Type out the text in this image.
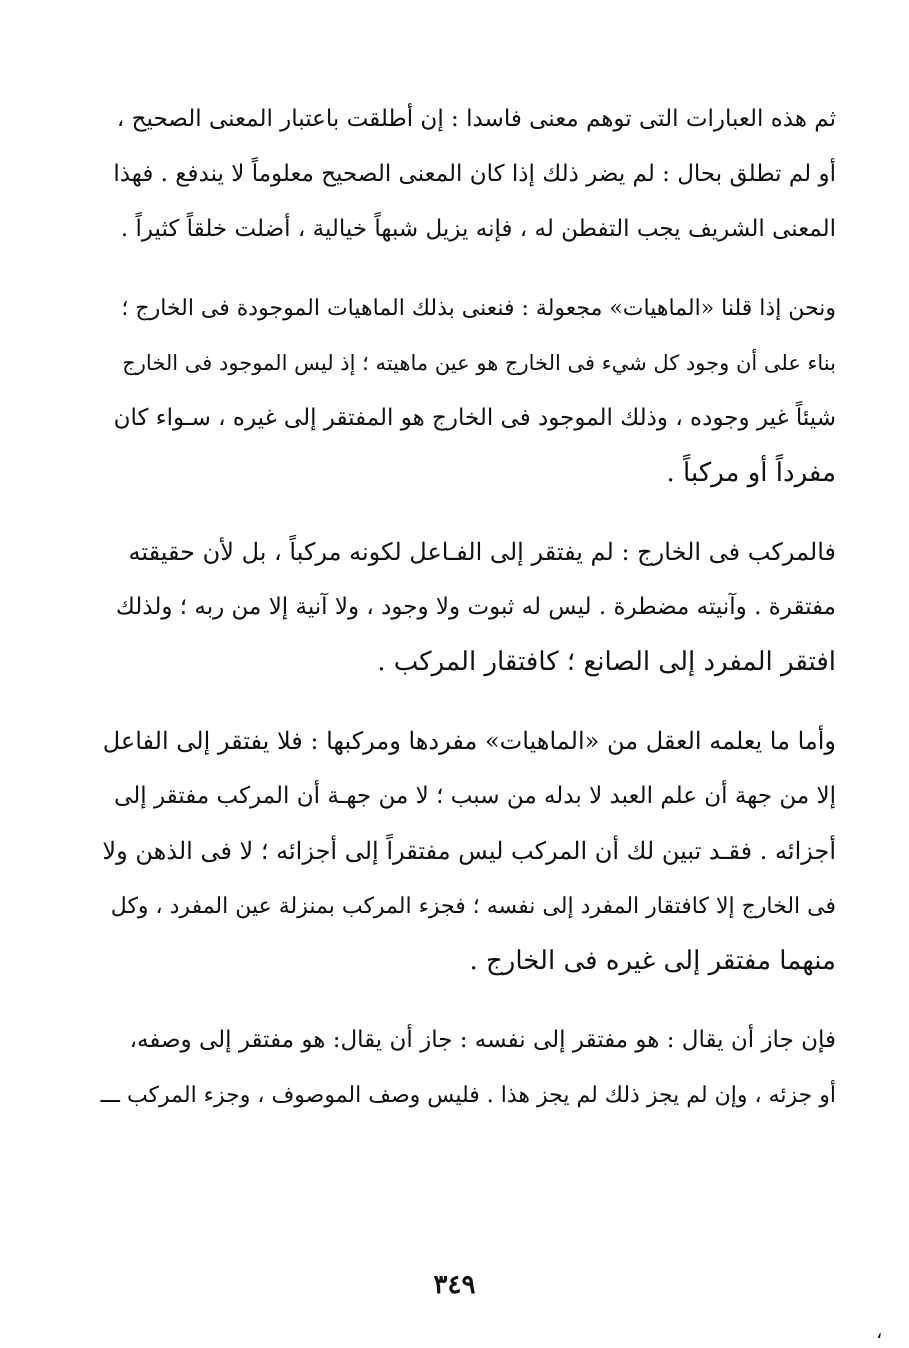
ثم هذه العبارات التى توهم معنى فاسدا : إن أطلقت باعتبار المعنى الصحيح ،
أو لم تطلق بحال : لم يضر ذلك إذا كان المعنى الصحيح معلوماً لا يندفع . فهذا
المعنى الشريف يجب التفطن له ، فإنه يزيل شبهاً خيالية ، أضلت خلقاً كثيراً .
ونحن إذا قلنا «الماهيات» مجعولة : فنعنى بذلك الماهيات الموجودة فى الخارج ؛
بناء على أن وجود كل شيء فى الخارج هو عين ماهيته ؛ إذ ليس الموجود فى الخارج
شيئاً غير وجوده ، وذلك الموجود فى الخارج هو المفتقر إلى غيره ، سـواء كان
مفرداً أو مركباً .
فالمركب فى الخارج : لم يفتقر إلى الفـاعل لكونه مركباً ، بل لأن حقيقته
مفتقرة . وآنيته مضطرة . ليس له ثبوت ولا وجود ، ولا آنية إلا من ربه ؛ ولذلك
افتقر المفرد إلى الصانع ؛ كافتقار المركب .
وأما ما يعلمه العقل من «الماهيات» مفردها ومركبها : فلا يفتقر إلى الفاعل
إلا من جهة أن علم العبد لا بدله من سبب ؛ لا من جهـة أن المركب مفتقر إلى
أجزائه . فقـد تبين لك أن المركب ليس مفتقراً إلى أجزائه ؛ لا فى الذهن ولا
فى الخارج إلا كافتقار المفرد إلى نفسه ؛ فجزء المركب بمنزلة عين المفرد ، وكل
منهما مفتقر إلى غيره فى الخارج .
فإن جاز أن يقال : هو مفتقر إلى نفسه : جاز أن يقال: هو مفتقر إلى وصفه،
أو جزئه ، وإن لم يجز ذلك لم يجز هذا . فليس وصف الموصوف ، وجزء المركب ـــ
٣٤٩
،
